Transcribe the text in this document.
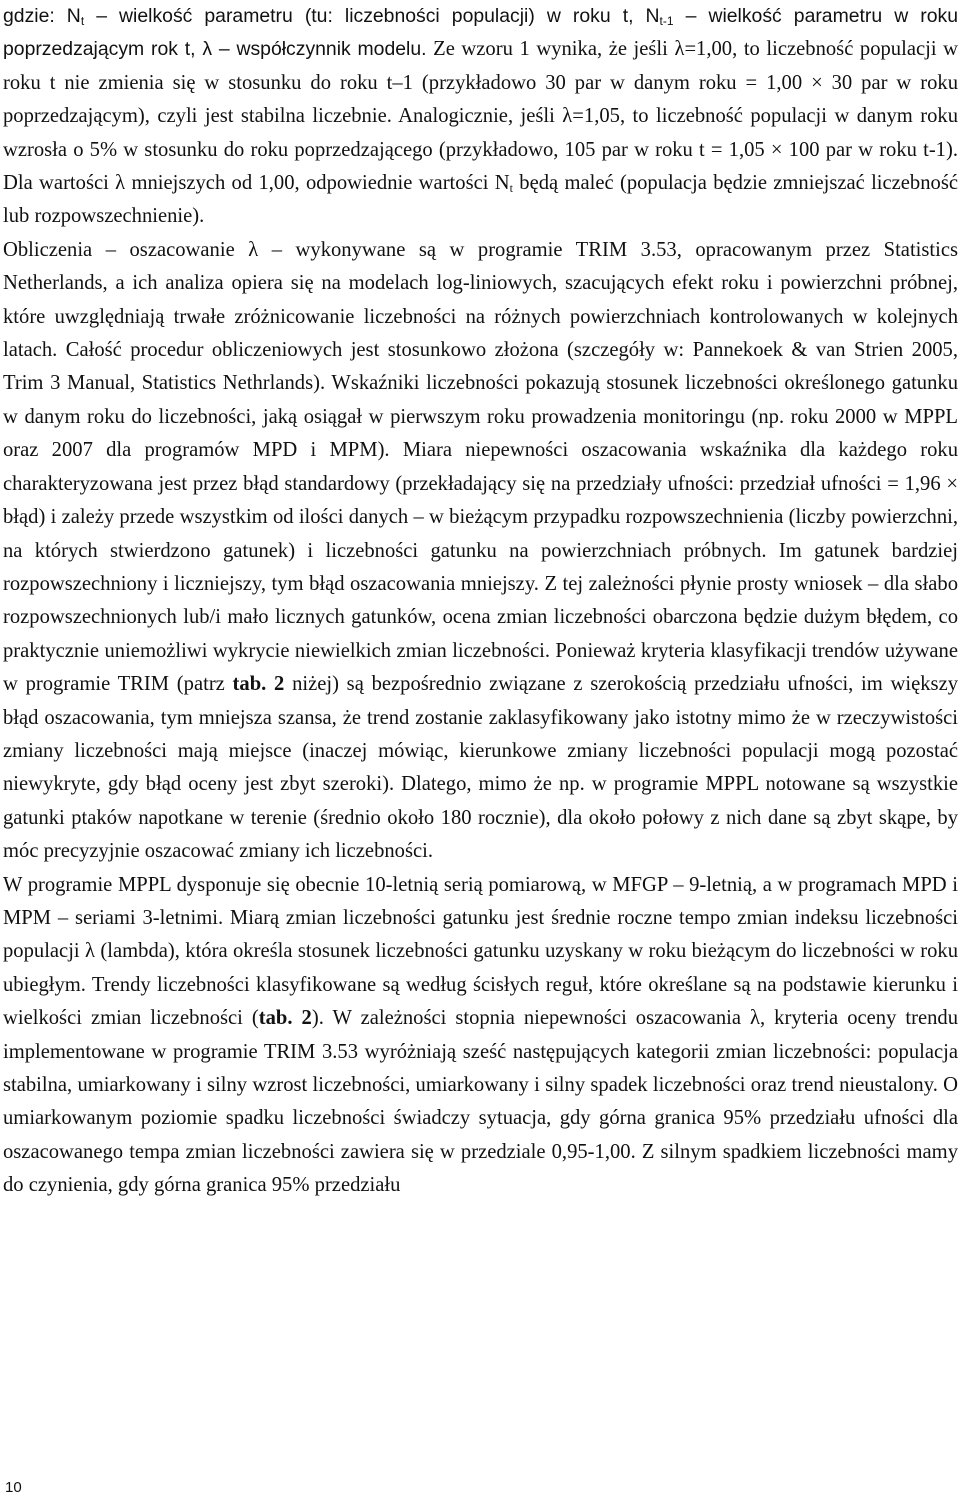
gdzie: $N_t$ – wielkość parametru (tu: liczebności populacji) w roku t, $N_{t-1}$ – wielkość parametru w roku poprzedzającym rok t, λ – współczynnik modelu. Ze wzoru 1 wynika, że jeśli λ=1,00, to liczebność populacji w roku t nie zmienia się w stosunku do roku t–1 (przykładowo 30 par w danym roku = 1,00 × 30 par w roku poprzedzającym), czyli jest stabilna liczebnie. Analogicznie, jeśli λ=1,05, to liczebność populacji w danym roku wzrosła o 5% w stosunku do roku poprzedzającego (przykładowo, 105 par w roku t = 1,05 × 100 par w roku t-1). Dla wartości λ mniejszych od 1,00, odpowiednie wartości $N_t$ będą maleć (populacja będzie zmniejszać liczebność lub rozpowszechnienie).

Obliczenia – oszacowanie λ – wykonywane są w programie TRIM 3.53, opracowanym przez Statistics Netherlands, a ich analiza opiera się na modelach log-liniowych, szacujących efekt roku i powierzchni próbnej, które uwzględniają trwałe zróżnicowanie liczebności na różnych powierzchniach kontrolowanych w kolejnych latach. Całość procedur obliczeniowych jest stosunkowo złożona (szczegóły w: Pannekoek & van Strien 2005, Trim 3 Manual, Statistics Nethrlands). Wskaźniki liczebności pokazują stosunek liczebności określonego gatunku w danym roku do liczebności, jaką osiągał w pierwszym roku prowadzenia monitoringu (np. roku 2000 w MPPL oraz 2007 dla programów MPD i MPM). Miara niepewności oszacowania wskaźnika dla każdego roku charakteryzowana jest przez błąd standardowy (przekładający się na przedziały ufności: przedział ufności = 1,96 × błąd) i zależy przede wszystkim od ilości danych – w bieżącym przypadku rozpowszechnienia (liczby powierzchni, na których stwierdzono gatunek) i liczebności gatunku na powierzchniach próbnych. Im gatunek bardziej rozpowszechniony i liczniejszy, tym błąd oszacowania mniejszy. Z tej zależności płynie prosty wniosek – dla słabo rozpowszechnionych lub/i mało licznych gatunków, ocena zmian liczebności obarczona będzie dużym błędem, co praktycznie uniemożliwi wykrycie niewielkich zmian liczebności. Ponieważ kryteria klasyfikacji trendów używane w programie TRIM (patrz tab. 2 niżej) są bezpośrednio związane z szerokością przedziału ufności, im większy błąd oszacowania, tym mniejsza szansa, że trend zostanie zaklasyfikowany jako istotny mimo że w rzeczywistości zmiany liczebności mają miejsce (inaczej mówiąc, kierunkowe zmiany liczebności populacji mogą pozostać niewykryte, gdy błąd oceny jest zbyt szeroki). Dlatego, mimo że np. w programie MPPL notowane są wszystkie gatunki ptaków napotkane w terenie (średnio około 180 rocznie), dla około połowy z nich dane są zbyt skąpe, by móc precyzyjnie oszacować zmiany ich liczebności.

W programie MPPL dysponuje się obecnie 10-letnią serią pomiarową, w MFGP – 9-letnią, a w programach MPD i MPM – seriami 3-letnimi. Miarą zmian liczebności gatunku jest średnie roczne tempo zmian indeksu liczebności populacji λ (lambda), która określa stosunek liczebności gatunku uzyskany w roku bieżącym do liczebności w roku ubiegłym. Trendy liczebności klasyfikowane są według ścisłych reguł, które określane są na podstawie kierunku i wielkości zmian liczebności (tab. 2). W zależności stopnia niepewności oszacowania λ, kryteria oceny trendu implementowane w programie TRIM 3.53 wyróżniają sześć następujących kategorii zmian liczebności: populacja stabilna, umiarkowany i silny wzrost liczebności, umiarkowany i silny spadek liczebności oraz trend nieustalony. O umiarkowanym poziomie spadku liczebności świadczy sytuacja, gdy górna granica 95% przedziału ufności dla oszacowanego tempa zmian liczebności zawiera się w przedziale 0,95-1,00. Z silnym spadkiem liczebności mamy do czynienia, gdy górna granica 95% przedziału

10
